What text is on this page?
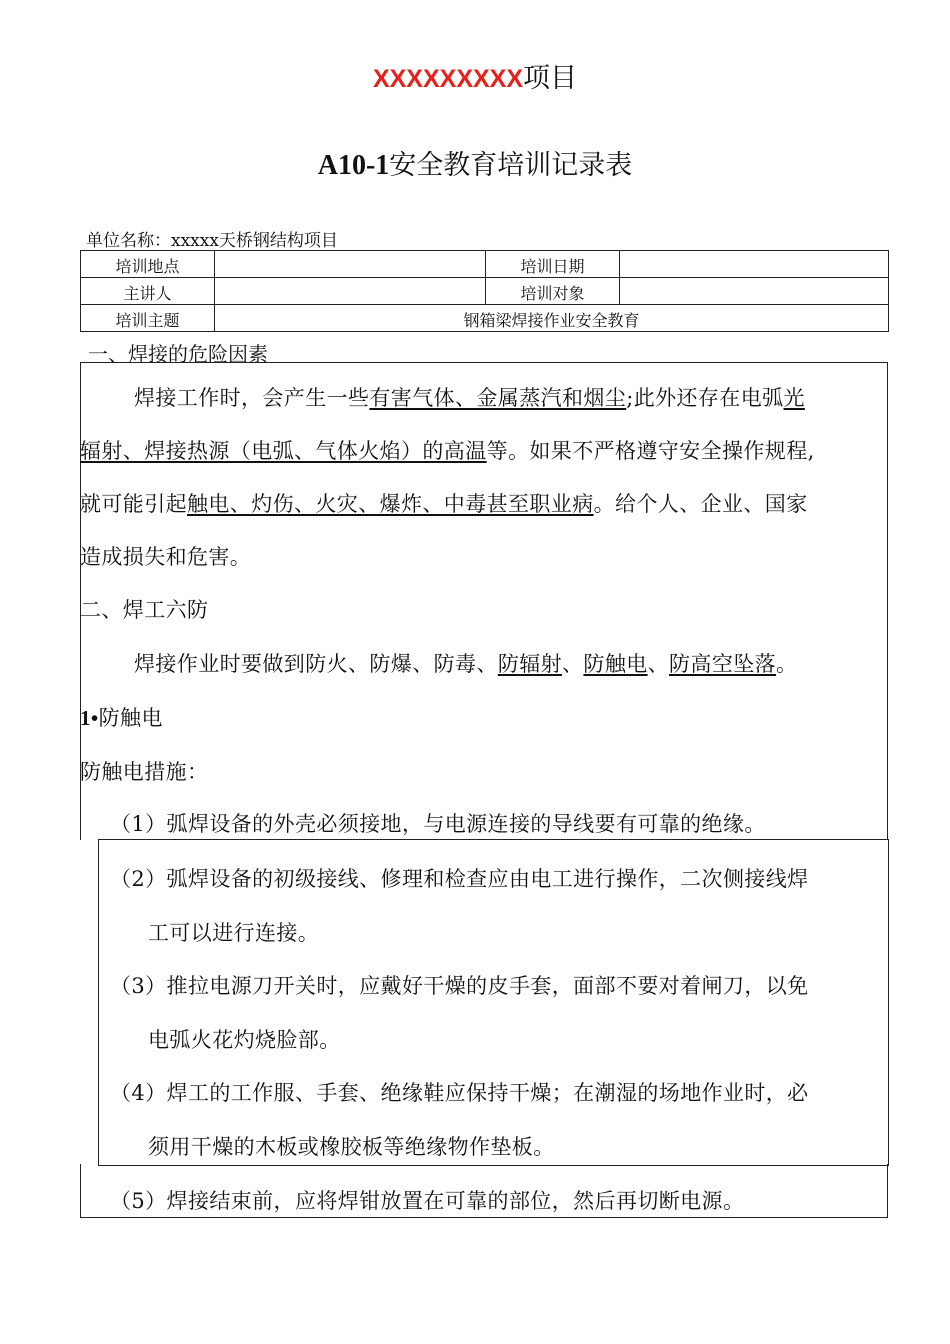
XXXXXXXXX项目
A10-1安全教育培训记录表
单位名称：xxxxx天桥钢结构项目
培训地点		培训日期	
主讲人		培训对象	
培训主题	钢箱梁焊接作业安全教育		
一、焊接的危险因素
焊接工作时，会产生一些有害气体、金属蒸汽和烟尘;此外还存在电弧光
辐射、焊接热源（电弧、气体火焰）的高温等。如果不严格遵守安全操作规程,
就可能引起触电、灼伤、火灾、爆炸、中毒甚至职业病。给个人、企业、国家
造成损失和危害。
二、焊工六防
焊接作业时要做到防火、防爆、防毒、防辐射、防触电、防高空坠落。
1•防触电
防触电措施：
（1）弧焊设备的外壳必须接地，与电源连接的导线要有可靠的绝缘。
（2）弧焊设备的初级接线、修理和检查应由电工进行操作，二次侧接线焊
工可以进行连接。
（3）推拉电源刀开关时，应戴好干燥的皮手套，面部不要对着闸刀，以免
电弧火花灼烧脸部。
（4）焊工的工作服、手套、绝缘鞋应保持干燥；在潮湿的场地作业时，必
须用干燥的木板或橡胶板等绝缘物作垫板。
（5）焊接结束前，应将焊钳放置在可靠的部位，然后再切断电源。
